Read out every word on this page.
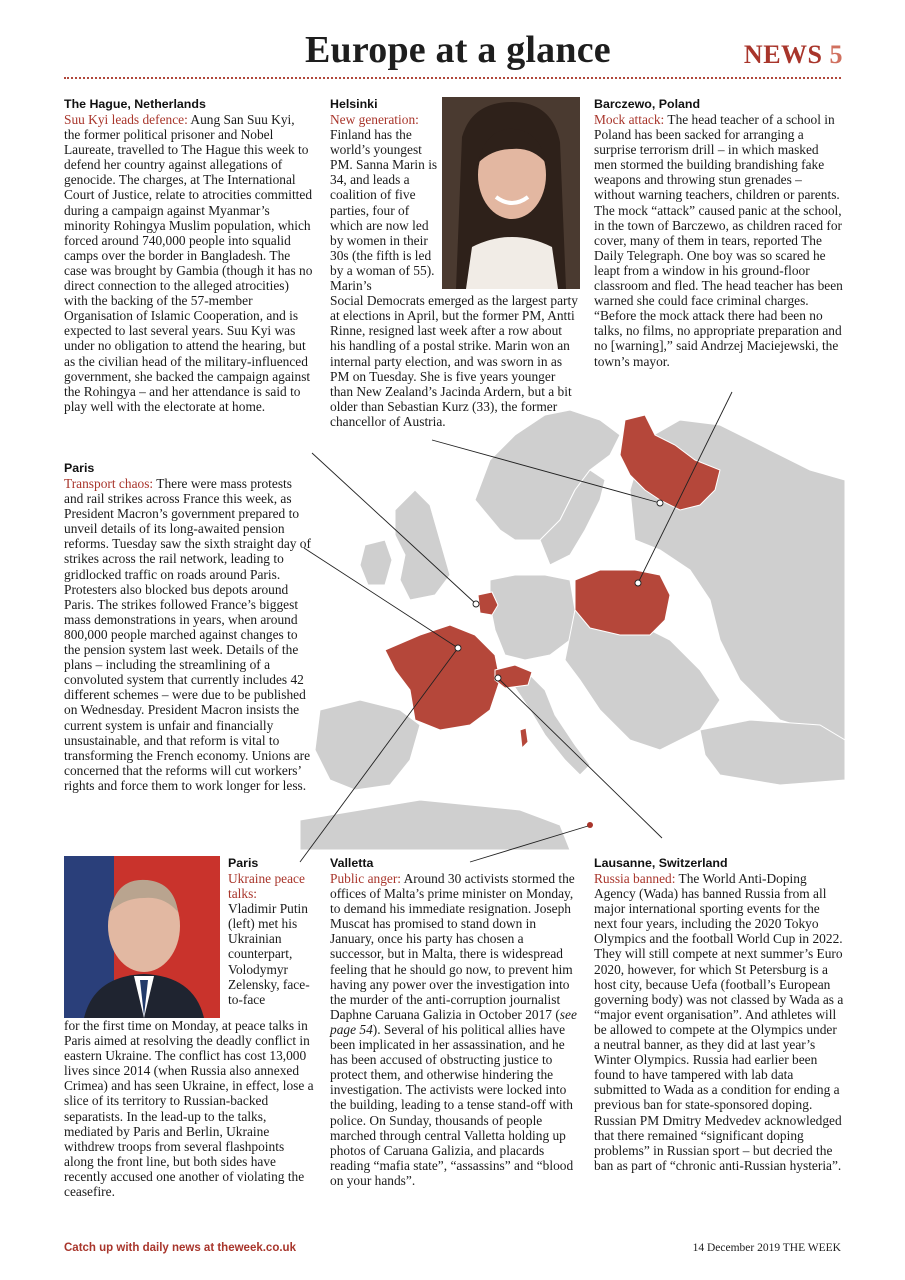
Europe at a glance	NEWS 5
The Hague, Netherlands

Suu Kyi leads defence: Aung San Suu Kyi, the former political prisoner and Nobel Laureate, travelled to The Hague this week to defend her country against allegations of genocide. The charges, at The International Court of Justice, relate to atrocities committed during a campaign against Myanmar’s minority Rohingya Muslim population, which forced around 740,000 people into squalid camps over the border in Bangladesh. The case was brought by Gambia (though it has no direct connection to the alleged atrocities) with the backing of the 57-member Organisation of Islamic Cooperation, and is expected to last several years. Suu Kyi was under no obligation to attend the hearing, but as the civilian head of the military-influenced government, she backed the campaign against the Rohingya – and her attendance is said to play well with the electorate at home.

Helsinki

New generation:
Finland has the world’s youngest PM. Sanna Marin is 34, and leads a coalition of five parties, four of which are now led by women in their 30s (the fifth is led by a woman of 55). Marin’s

Social Democrats emerged as the largest party at elections in April, but the former PM, Antti Rinne, resigned last week after a row about his handling of a postal strike. Marin won an internal party election, and was sworn in as PM on Tuesday. She is five years younger than New Zealand’s Jacinda Ardern, but a bit older than Sebastian Kurz (33), the former chancellor of Austria.

Barczewo, Poland

Mock attack: The head teacher of a school in Poland has been sacked for arranging a surprise terrorism drill – in which masked men stormed the building brandishing fake weapons and throwing stun grenades – without warning teachers, children or parents. The mock “attack” caused panic at the school, in the town of Barczewo, as children raced for cover, many of them in tears, reported The Daily Telegraph. One boy was so scared he leapt from a window in his ground-floor classroom and fled. The head teacher has been warned she could face criminal charges. “Before the mock attack there had been no talks, no films, no appropriate preparation and no [warning],” said Andrzej Maciejewski, the town’s mayor.

Paris

Transport chaos: There were mass protests and rail strikes across France this week, as President Macron’s government prepared to unveil details of its long-awaited pension reforms. Tuesday saw the sixth straight day of strikes across the rail network, leading to gridlocked traffic on roads around Paris. Protesters also blocked bus depots around Paris. The strikes followed France’s biggest mass demonstrations in years, when around 800,000 people marched against changes to the pension system last week. Details of the plans – including the streamlining of a convoluted system that currently includes 42 different schemes – were due to be published on Wednesday. President Macron insists the current system is unfair and financially unsustainable, and that reform is vital to transforming the French economy. Unions are concerned that the reforms will cut workers’ rights and force them to work longer for less.

Paris

Ukraine peace talks:
Vladimir Putin (left) met his Ukrainian counterpart, Volodymyr Zelensky, face-to-face

for the first time on Monday, at peace talks in Paris aimed at resolving the deadly conflict in eastern Ukraine. The conflict has cost 13,000 lives since 2014 (when Russia also annexed Crimea) and has seen Ukraine, in effect, lose a slice of its territory to Russian-backed separatists. In the lead-up to the talks, mediated by Paris and Berlin, Ukraine withdrew troops from several flashpoints along the front line, but both sides have recently accused one another of violating the ceasefire.

Valletta

Public anger: Around 30 activists stormed the offices of Malta’s prime minister on Monday, to demand his immediate resignation. Joseph Muscat has promised to stand down in January, once his party has chosen a successor, but in Malta, there is widespread feeling that he should go now, to prevent him having any power over the investigation into the murder of the anti-corruption journalist Daphne Caruana Galizia in October 2017 (see page 54). Several of his political allies have been implicated in her assassination, and he has been accused of obstructing justice to protect them, and otherwise hindering the investigation. The activists were locked into the building, leading to a tense stand-off with police. On Sunday, thousands of people marched through central Valletta holding up photos of Caruana Galizia, and placards reading “mafia state”, “assassins” and “blood on your hands”.

Lausanne, Switzerland

Russia banned: The World Anti-Doping Agency (Wada) has banned Russia from all major international sporting events for the next four years, including the 2020 Tokyo Olympics and the football World Cup in 2022. They will still compete at next summer’s Euro 2020, however, for which St Petersburg is a host city, because Uefa (football’s European governing body) was not classed by Wada as a “major event organisation”. And athletes will be allowed to compete at the Olympics under a neutral banner, as they did at last year’s Winter Olympics. Russia had earlier been found to have tampered with lab data submitted to Wada as a condition for ending a previous ban for state-sponsored doping. Russian PM Dmitry Medvedev acknowledged that there remained “significant doping problems” in Russian sport – but decried the ban as part of “chronic anti-Russian hysteria”.

Catch up with daily news at theweek.co.uk	14 December 2019 THE WEEK
